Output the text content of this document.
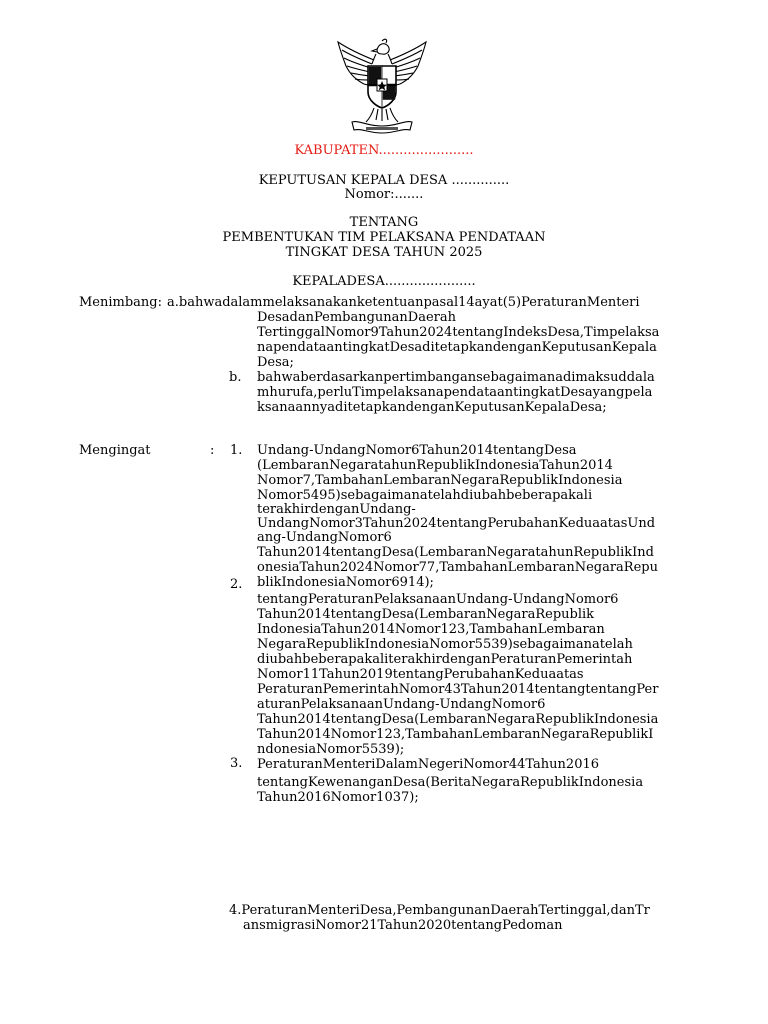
KABUPATEN.......................
KEPUTUSAN KEPALA DESA ..............
Nomor:.......
TENTANG
PEMBENTUKAN TIM PELAKSANA PENDATAAN
TINGKAT DESA TAHUN 2025
KEPALADESA......................
Menimbang: a.bahwadalammelaksanakanketentuanpasal14ayat(5)PeraturanMenteri
DesadanPembangunanDaerah
TertinggalNomor9Tahun2024tentangIndeksDesa,Timpelaksa
napendataantingkatDesaditetapkandenganKeputusanKepala
Desa;
b. bahwaberdasarkanpertimbangansebagaimanadimaksuddala
mhurufa,perluTimpelaksanapendataantingkatDesayangpela
ksanaannyaditetapkandenganKeputusanKepalaDesa;
Mengingat	: 1.
2.
3.
Undang-UndangNomor6Tahun2014tentangDesa
(LembaranNegaratahunRepublikIndonesiaTahun2014
Nomor7,TambahanLembaranNegaraRepublikIndonesia
Nomor5495)sebagaimanatelahdiubahbeberapakali
terakhirdenganUndang-
UndangNomor3Tahun2024tentangPerubahanKeduaatasUnd
ang-UndangNomor6
Tahun2014tentangDesa(LembaranNegaratahunRepublikInd
onesiaTahun2024Nomor77,TambahanLembaranNegaraRepu
blikIndonesiaNomor6914);
tentangPeraturanPelaksanaanUndang-UndangNomor6
Tahun2014tentangDesa(LembaranNegaraRepublik
IndonesiaTahun2014Nomor123,TambahanLembaran
NegaraRepublikIndonesiaNomor5539)sebagaimanatelah
diubahbeberapakaliterakhirdenganPeraturanPemerintah
Nomor11Tahun2019tentangPerubahanKeduaatas
PeraturanPemerintahNomor43Tahun2014tentangtentangPer
aturanPelaksanaanUndang-UndangNomor6
Tahun2014tentangDesa(LembaranNegaraRepublikIndonesia
Tahun2014Nomor123,TambahanLembaranNegaraRepublikI
ndonesiaNomor5539);
PeraturanMenteriDalamNegeriNomor44Tahun2016
tentangKewenanganDesa(BeritaNegaraRepublikIndonesia
Tahun2016Nomor1037);
4.PeraturanMenteriDesa,PembangunanDaerahTertinggal,danTr
ansmigrasiNomor21Tahun2020tentangPedoman
